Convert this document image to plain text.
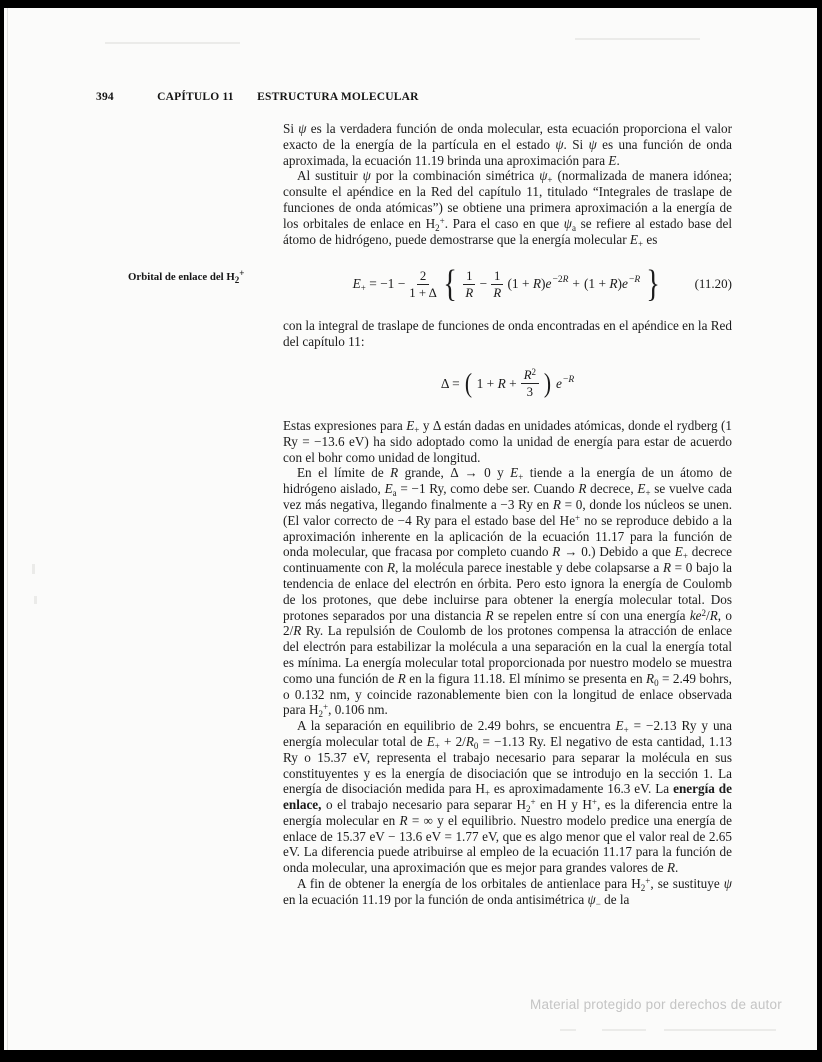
394	CAPÍTULO 11 ESTRUCTURA MOLECULAR

Si ψ es la verdadera función de onda molecular, esta ecuación proporciona el valor exacto de la energía de la partícula en el estado ψ. Si ψ es una función de onda aproximada, la ecuación 11.19 brinda una aproximación para E.

Al sustituir ψ por la combinación simétrica $\psi_+$ (normalizada de manera idónea; consulte el apéndice en la Red del capítulo 11, titulado “Integrales de traslape de funciones de onda atómicas”) se obtiene una primera aproximación a la energía de los orbitales de enlace en $H_2^+$. Para el caso en que $\psi_a$ se refiere al estado base del átomo de hidrógeno, puede demostrarse que la energía molecular $E_+$ es

Orbital de enlace del $H_2^+$
$E_+ = -1 - \frac{2}{1 + \Delta}$ { $\frac{1}{R} - \frac{1}{R} (1 + R)e^{-2R} + (1 + R)e^{-R}$ }	(11.20)

con la integral de traslape de funciones de onda encontradas en el apéndice en la Red del capítulo 11:

Δ = ( $1 + R + \frac{R^2}{3}$ ) $e^{-R}$

Estas expresiones para $E_+$ y Δ están dadas en unidades atómicas, donde el rydberg (1 Ry = −13.6 eV) ha sido adoptado como la unidad de energía para estar de acuerdo con el bohr como unidad de longitud.

En el límite de R grande, Δ → 0 y $E_+$ tiende a la energía de un átomo de hidrógeno aislado, $E_a = -1$ Ry, como debe ser. Cuando R decrece, $E_+$ se vuelve cada vez más negativa, llegando finalmente a −3 Ry en R = 0, donde los núcleos se unen. (El valor correcto de −4 Ry para el estado base del He+ no se reproduce debido a la aproximación inherente en la aplicación de la ecuación 11.17 para la función de onda molecular, que fracasa por completo cuando R → 0.) Debido a que $E_+$ decrece continuamente con R, la molécula parece inestable y debe colapsarse a R = 0 bajo la tendencia de enlace del electrón en órbita. Pero esto ignora la energía de Coulomb de los protones, que debe incluirse para obtener la energía molecular total. Dos protones separados por una distancia R se repelen entre sí con una energía $ke^2/R$, o 2/R Ry. La repulsión de Coulomb de los protones compensa la atracción de enlace del electrón para estabilizar la molécula a una separación en la cual la energía total es mínima. La energía molecular total proporcionada por nuestro modelo se muestra como una función de R en la figura 11.18. El mínimo se presenta en $R_0 = 2.49$ bohrs, o 0.132 nm, y coincide razonablemente bien con la longitud de enlace observada para $H_2^+$, 0.106 nm.

A la separación en equilibrio de 2.49 bohrs, se encuentra $E_+ = -2.13$ Ry y una energía molecular total de $E_+ + 2/R_0 = -1.13$ Ry. El negativo de esta cantidad, 1.13 Ry o 15.37 eV, representa el trabajo necesario para separar la molécula en sus constituyentes y es la energía de disociación que se introdujo en la sección 1. La energía de disociación medida para $H_+$ es aproximadamente 16.3 eV. La energía de enlace, o el trabajo necesario para separar $H_2^+$ en H y H+, es la diferencia entre la energía molecular en R = ∞ y el equilibrio. Nuestro modelo predice una energía de enlace de 15.37 eV − 13.6 eV = 1.77 eV, que es algo menor que el valor real de 2.65 eV. La diferencia puede atribuirse al empleo de la ecuación 11.17 para la función de onda molecular, una aproximación que es mejor para grandes valores de R.

A fin de obtener la energía de los orbitales de antienlace para $H_2^+$, se sustituye ψ en la ecuación 11.19 por la función de onda antisimétrica $\psi_-$ de la

Material protegido por derechos de autor
